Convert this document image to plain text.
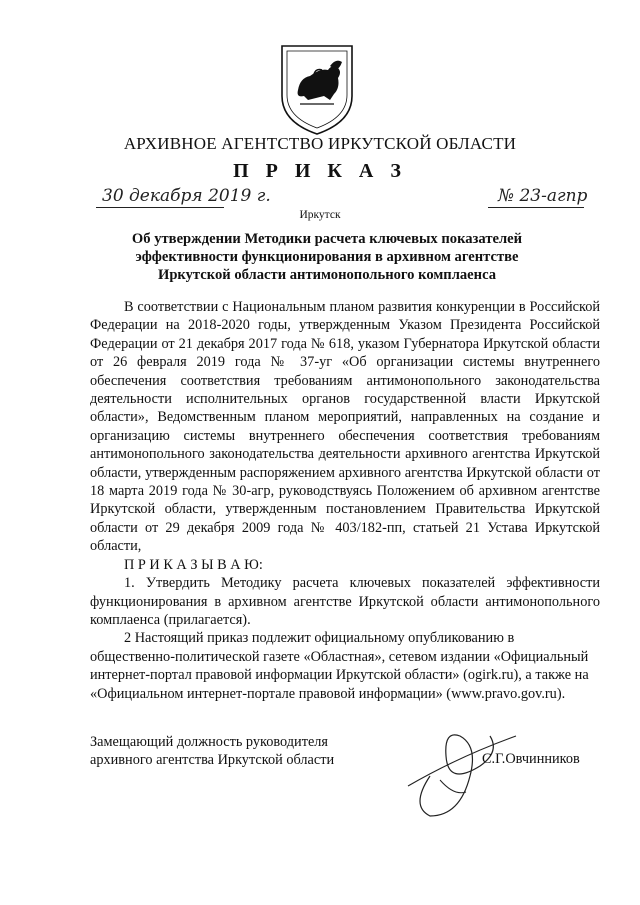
АРХИВНОЕ АГЕНТСТВО ИРКУТСКОЙ ОБЛАСТИ
П Р И К А З
30 декабря 2019 г.	№ 23-агпр
Иркутск
Об утверждении Методики расчета ключевых показателей эффективности функционирования в архивном агентстве Иркутской области антимонопольного комплаенса

В соответствии с Национальным планом развития конкуренции в Российской Федерации на 2018-2020 годы, утвержденным Указом Президента Российской Федерации от 21 декабря 2017 года № 618, указом Губернатора Иркутской области от 26 февраля 2019 года № 37-уг «Об организации системы внутреннего обеспечения соответствия требованиям антимонопольного законодательства деятельности исполнительных органов государственной власти Иркутской области», Ведомственным планом мероприятий, направленных на создание и организацию системы внутреннего обеспечения соответствия требованиям антимонопольного законодательства деятельности архивного агентства Иркутской области, утвержденным распоряжением архивного агентства Иркутской области от 18 марта 2019 года № 30-агр, руководствуясь Положением об архивном агентстве Иркутской области, утвержденным постановлением Правительства Иркутской области от 29 декабря 2009 года № 403/182-пп, статьей 21 Устава Иркутской области,

П Р И К А З Ы В А Ю:

1. Утвердить Методику расчета ключевых показателей эффективности функционирования в архивном агентстве Иркутской области антимонопольного комплаенса (прилагается).

2 Настоящий приказ подлежит официальному опубликованию в общественно-политической газете «Областная», сетевом издании «Официальный интернет-портал правовой информации Иркутской области» (ogirk.ru), а также на «Официальном интернет-портале правовой информации» (www.pravo.gov.ru).

Замещающий должность руководителя
архивного агентства Иркутской области	С.Г.Овчинников
